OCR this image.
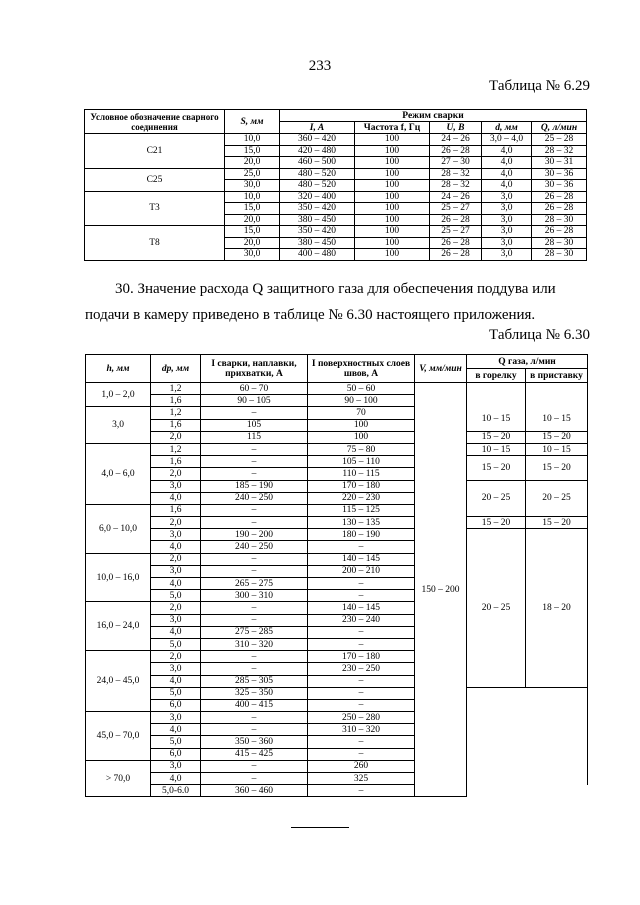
233
Таблица № 6.29
Условное обозначение сварного соединения	S, мм	Режим сварки				
		I, A	Частота f, Гц	U, В	d, мм	Q, л/мин
С21	10,0	360 – 420	100	24 – 26	3,0 – 4,0	25 – 28
	15,0	420 – 480	100	26 – 28	4,0	28 – 32
	20,0	460 – 500	100	27 – 30	4,0	30 – 31
С25	25,0	480 – 520	100	28 – 32	4,0	30 – 36
	30,0	480 – 520	100	28 – 32	4,0	30 – 36
Т3	10,0	320 – 400	100	24 – 26	3,0	26 – 28
	15,0	350 – 420	100	25 – 27	3,0	26 – 28
	20,0	380 – 450	100	26 – 28	3,0	28 – 30
Т8	15,0	350 – 420	100	25 – 27	3,0	26 – 28
	20,0	380 – 450	100	26 – 28	3,0	28 – 30
	30,0	400 – 480	100	26 – 28	3,0	28 – 30
30. Значение расхода Q защитного газа для обеспечения поддува или
подачи в камеру приведено в таблице № 6.30 настоящего приложения.
Таблица № 6.30
h, мм	dp, мм	I сварки, наплавки, прихватки, А	I поверхностных слоев швов, А	V, мм/мин	Q газа, л/мин		
					в горелку	в приставку	
1,0 – 2,0	1,2	60 – 70	50 – 60	150 – 200			
	1,6	90 – 105	90 – 100				
3,0	1,2	–	70		10 – 15	10 – 15	
	1,6	105	100				
	2,0	115	100		15 – 20	15 – 20	
4,0 – 6,0	1,2	–	75 – 80		10 – 15	10 – 15	
	1,6	–	105 – 110		15 – 20	15 – 20	
	2,0	–	110 – 115				
	3,0	185 – 190	170 – 180		20 – 25	20 – 25	
	4,0	240 – 250	220 – 230				
6,0 – 10,0	1,6	–	115 – 125				
	2,0	–	130 – 135		15 – 20	15 – 20	
	3,0	190 – 200	180 – 190		20 – 25	18 – 20	
	4,0	240 – 250	–				
10,0 – 16,0	2,0	–	140 – 145				
	3,0	–	200 – 210				
	4,0	265 – 275	–				
	5,0	300 – 310	–				
16,0 – 24,0	2,0	–	140 – 145				
	3,0	–	230 – 240				
	4,0	275 – 285	–				
	5,0	310 – 320	–				
24,0 – 45,0	2,0	–	170 – 180				
	3,0	–	230 – 250				
	4,0	285 – 305	–		
	5,0	325 – 350	–				
	6,0	400 – 415	–				
45,0 – 70,0	3,0	–	250 – 280				
	4,0	–	310 – 320				
	5,0	350 – 360	–				
	6,0	415 – 425	–				
> 70,0	3,0	–	260				
	4,0	–	325				
	5,0-6.0	360 – 460	–				
